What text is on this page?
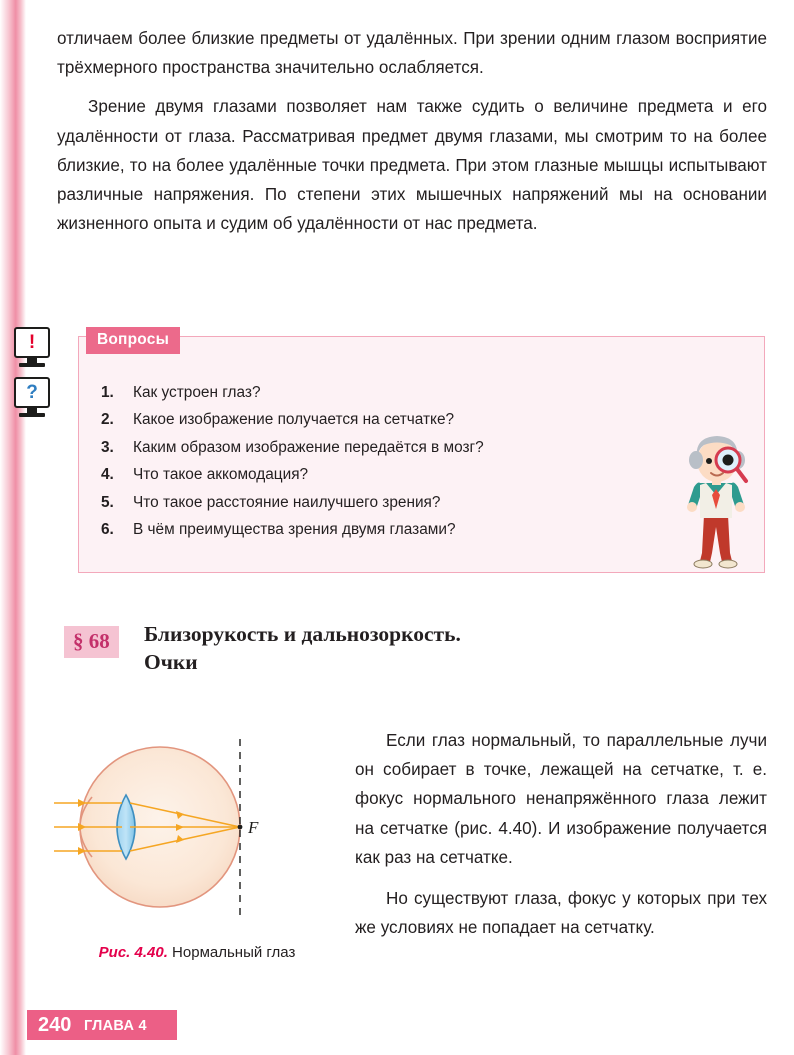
отличаем более близкие предметы от удалённых. При зрении одним глазом восприятие трёхмерного пространства значительно ослабляется.

Зрение двумя глазами позволяет нам также судить о величине предмета и его удалённости от глаза. Рассматривая предмет двумя глазами, мы смотрим то на более близкие, то на более удалённые точки предмета. При этом глазные мышцы испытывают различные напряжения. По степени этих мышечных напряжений мы на основании жизненного опыта и судим об удалённости от нас предмета.

!
?
Вопросы
1. Как устроен глаз?
2. Какое изображение получается на сетчатке?
3. Каким образом изображение передаётся в мозг?
4. Что такое аккомодация?
5. Что такое расстояние наилучшего зрения?
6. В чём преимущества зрения двумя глазами?
§ 68	Близорукость и дальнозоркость.
Очки
F
Рис. 4.40. Нормальный глаз

Если глаз нормальный, то параллельные лучи он собирает в точке, лежащей на сетчатке, т. е. фокус нормального ненапряжённого глаза лежит на сетчатке (рис. 4.40). И изображение получается как раз на сетчатке.

Но существуют глаза, фокус у которых при тех же условиях не попадает на сетчатку.

240 ГЛАВА 4
